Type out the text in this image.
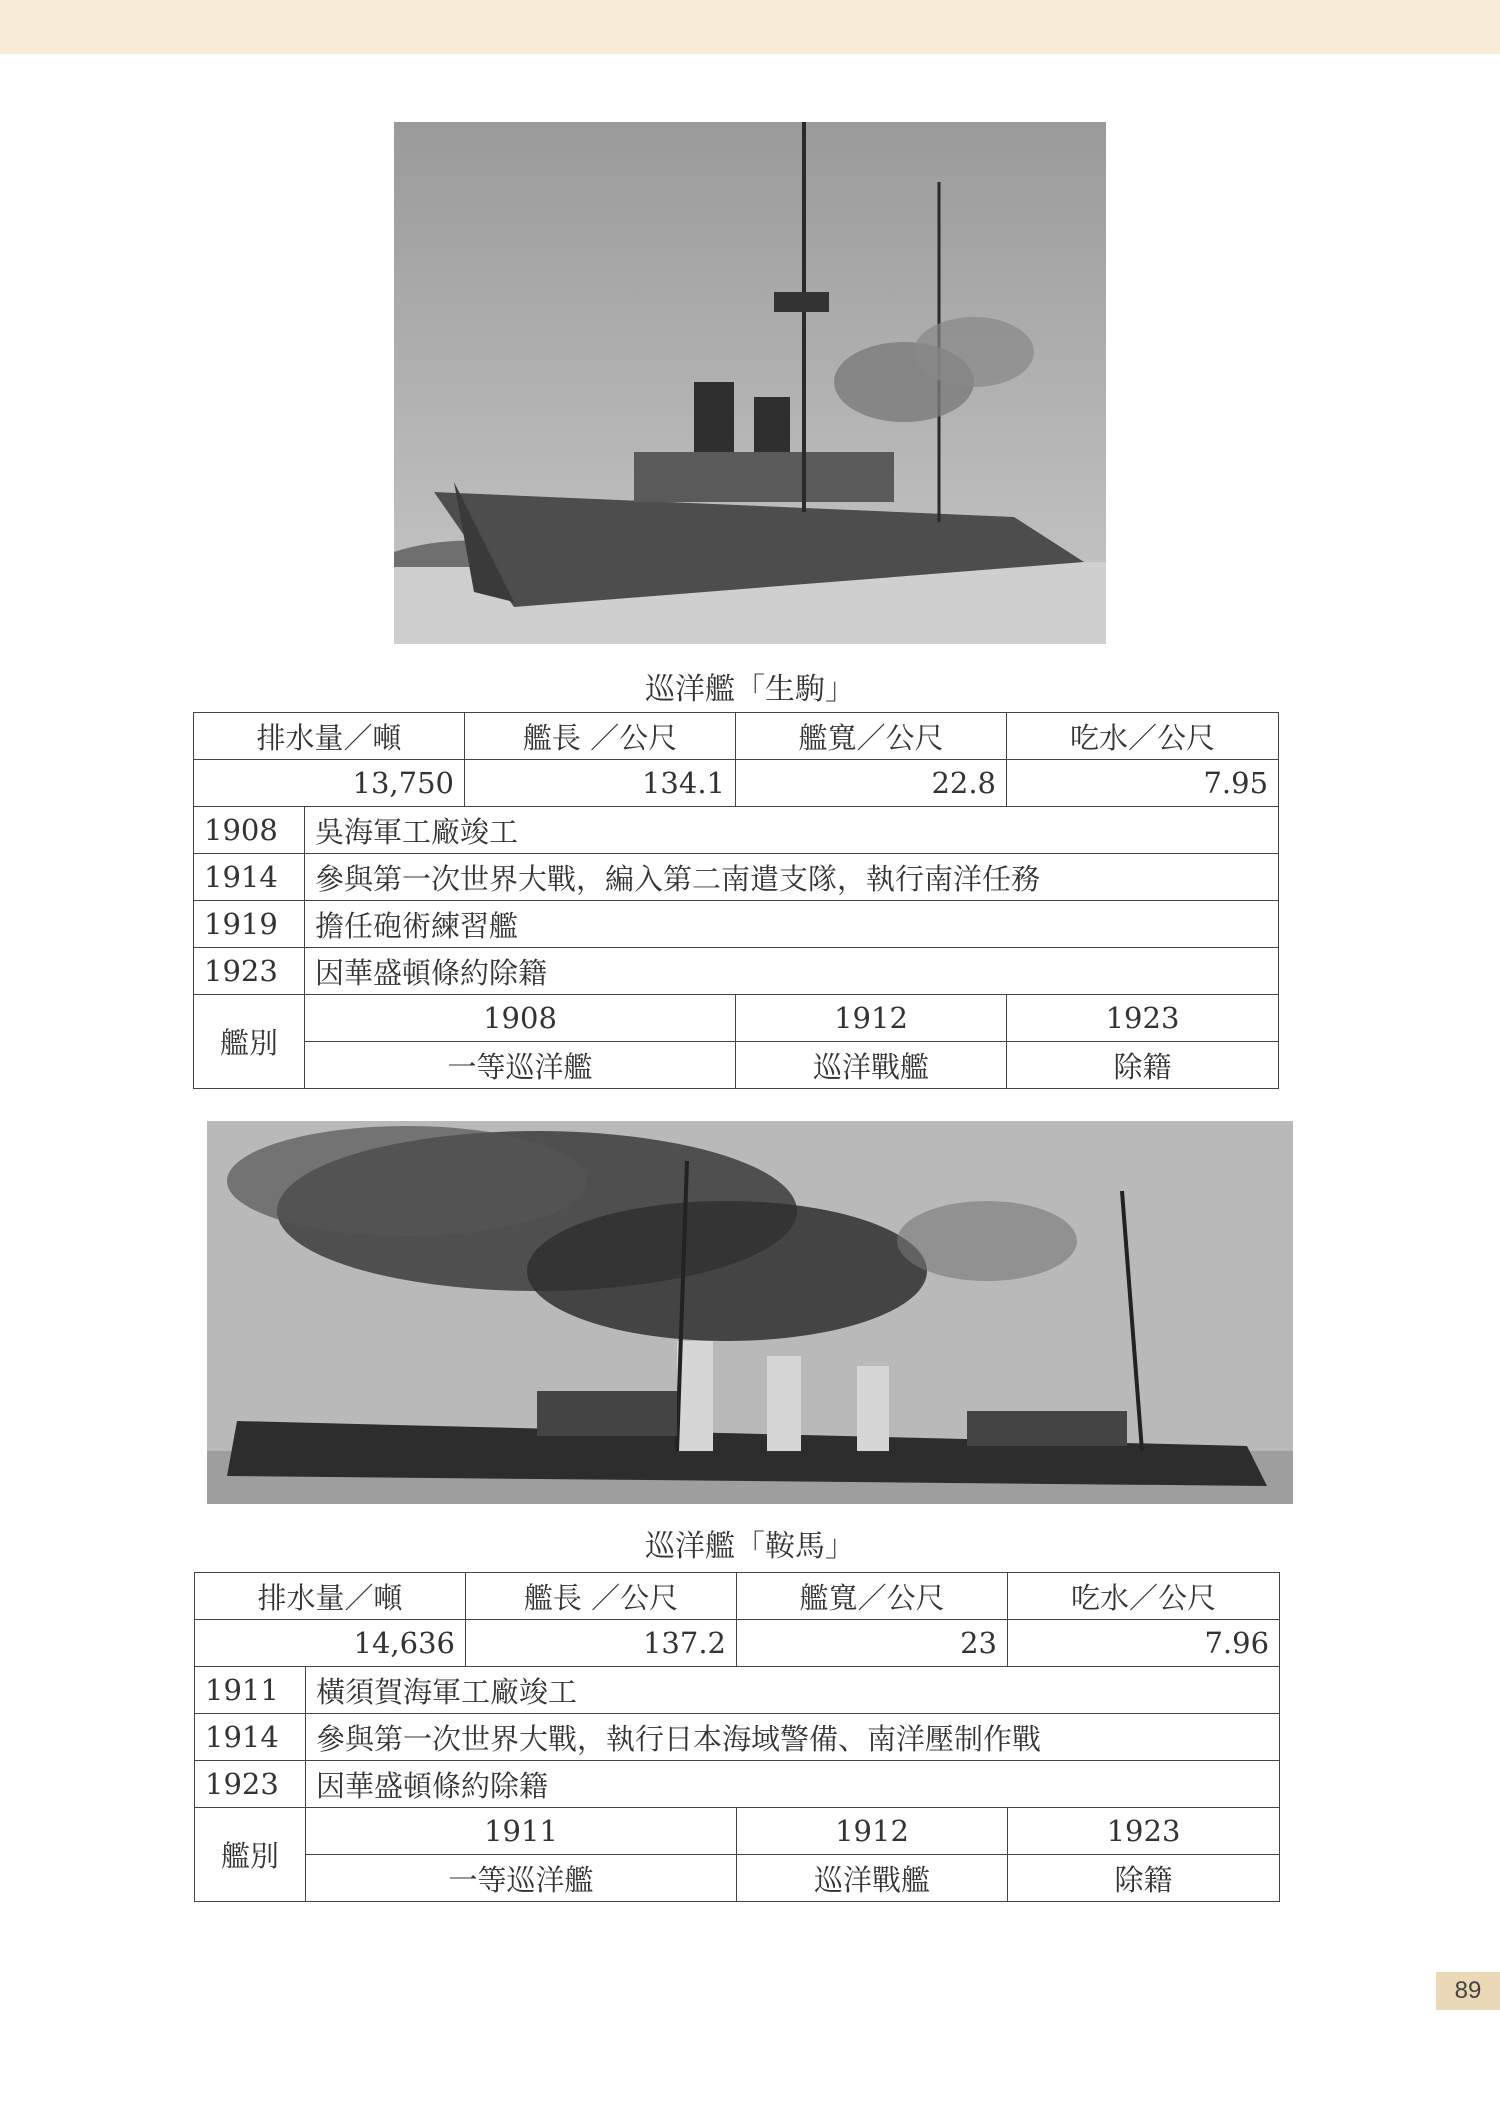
巡洋艦「生駒」
排水量／噸		艦長 ／公尺	艦寬／公尺	吃水／公尺
13,750		134.1	22.8	7.95
1908	吳海軍工廠竣工			
1914	參與第一次世界大戰，編入第二南遣支隊，執行南洋任務			
1919	擔任砲術練習艦			
1923	因華盛頓條約除籍			
艦別	1908		1912	1923
	一等巡洋艦		巡洋戰艦	除籍
巡洋艦「鞍馬」
排水量／噸		艦長 ／公尺	艦寬／公尺	吃水／公尺
14,636		137.2	23	7.96
1911	橫須賀海軍工廠竣工			
1914	參與第一次世界大戰，執行日本海域警備、南洋壓制作戰			
1923	因華盛頓條約除籍			
艦別	1911		1912	1923
	一等巡洋艦		巡洋戰艦	除籍
89
